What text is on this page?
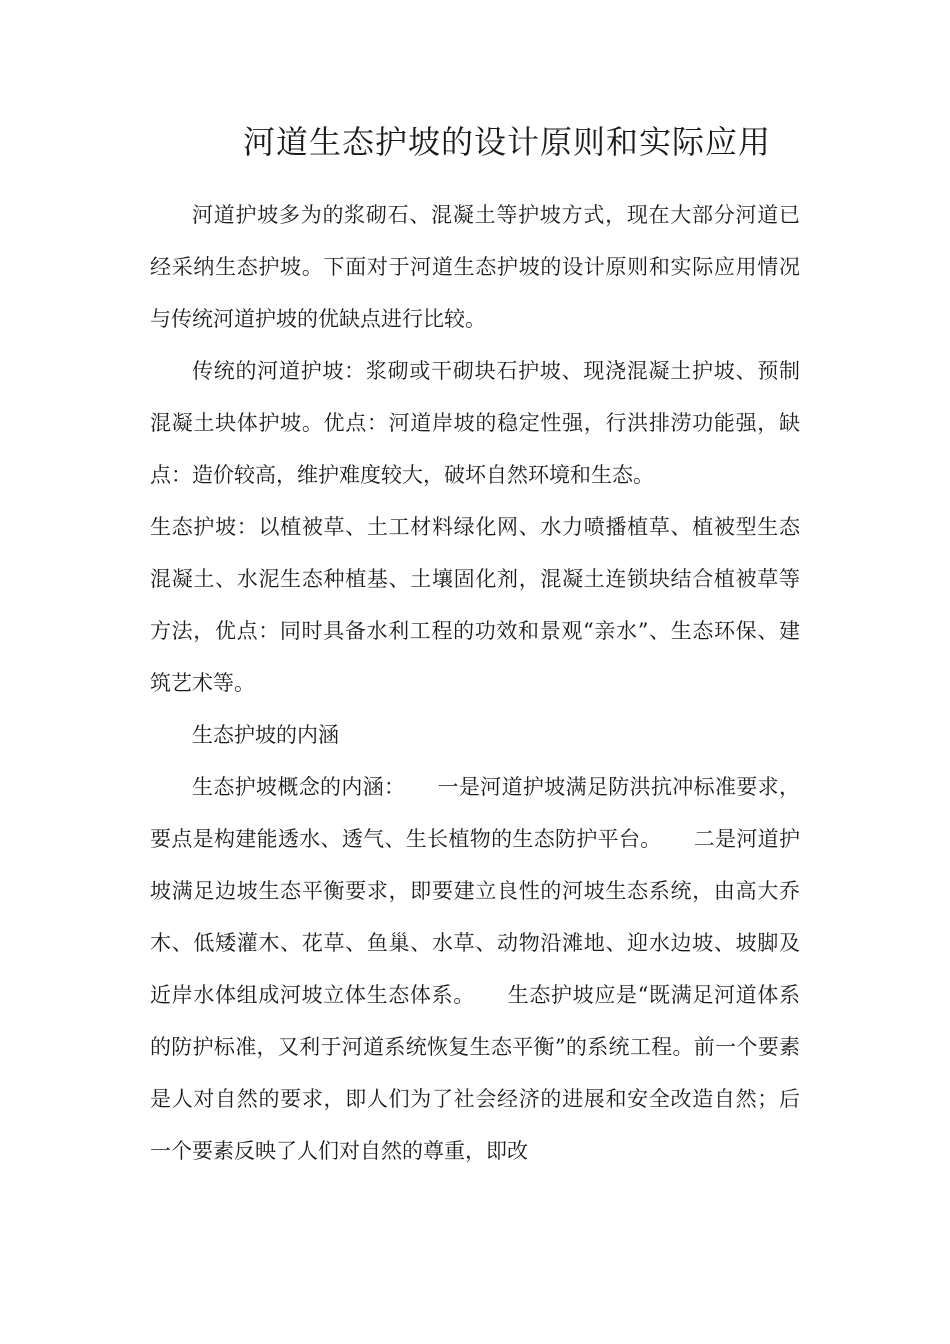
河道生态护坡的设计原则和实际应用

河道护坡多为的浆砌石、混凝土等护坡方式，现在大部分河道已经采纳生态护坡。下面对于河道生态护坡的设计原则和实际应用情况与传统河道护坡的优缺点进行比较。

传统的河道护坡：浆砌或干砌块石护坡、现浇混凝土护坡、预制混凝土块体护坡。优点：河道岸坡的稳定性强，行洪排涝功能强，缺点：造价较高，维护难度较大，破坏自然环境和生态。

生态护坡：以植被草、土工材料绿化网、水力喷播植草、植被型生态混凝土、水泥生态种植基、土壤固化剂，混凝土连锁块结合植被草等方法，优点：同时具备水利工程的功效和景观“亲水”、生态环保、建筑艺术等。

生态护坡的内涵

生态护坡概念的内涵：　　一是河道护坡满足防洪抗冲标准要求，要点是构建能透水、透气、生长植物的生态防护平台。　　二是河道护坡满足边坡生态平衡要求，即要建立良性的河坡生态系统，由高大乔木、低矮灌木、花草、鱼巢、水草、动物沿滩地、迎水边坡、坡脚及近岸水体组成河坡立体生态体系。　　生态护坡应是“既满足河道体系的防护标准，又利于河道系统恢复生态平衡”的系统工程。前一个要素是人对自然的要求，即人们为了社会经济的进展和安全改造自然；后一个要素反映了人们对自然的尊重，即改
